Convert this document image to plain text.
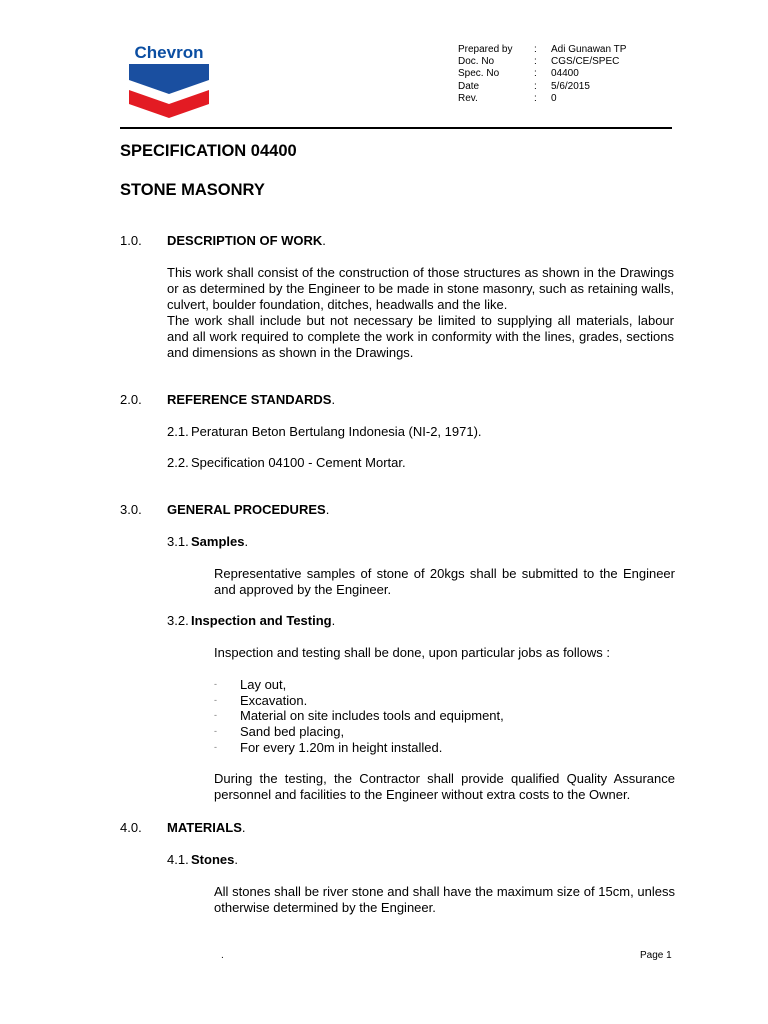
Chevron	Prepared by	:	Adi Gunawan TP
Doc. No	:	CGS/CE/SPEC
Spec. No	:	04400
Date	:	5/6/2015
Rev.	:	0
SPECIFICATION 04400
STONE MASONRY
1.0. DESCRIPTION OF WORK.

This work shall consist of the construction of those structures as shown in the Drawings or as determined by the Engineer to be made in stone masonry, such as retaining walls, culvert, boulder foundation, ditches, headwalls and the like.

The work shall include but not necessary be limited to supplying all materials, labour and all work required to complete the work in conformity with the lines, grades, sections and dimensions as shown in the Drawings.

2.0. REFERENCE STANDARDS.
2.1. Peraturan Beton Bertulang Indonesia (NI-2, 1971).
2.2. Specification 04100 - Cement Mortar.
3.0. GENERAL PROCEDURES.
3.1. Samples.

Representative samples of stone of 20kgs shall be submitted to the Engineer and approved by the Engineer.

3.2. Inspection and Testing.

Inspection and testing shall be done, upon particular jobs as follows :

-	Lay out,
-	Excavation.
-	Material on site includes tools and equipment,
-	Sand bed placing,
-	For every 1.20m in height installed.

During the testing, the Contractor shall provide qualified Quality Assurance personnel and facilities to the Engineer without extra costs to the Owner.

4.0. MATERIALS.
4.1. Stones.

All stones shall be river stone and shall have the maximum size of 15cm, unless otherwise determined by the Engineer.

.	Page 1
